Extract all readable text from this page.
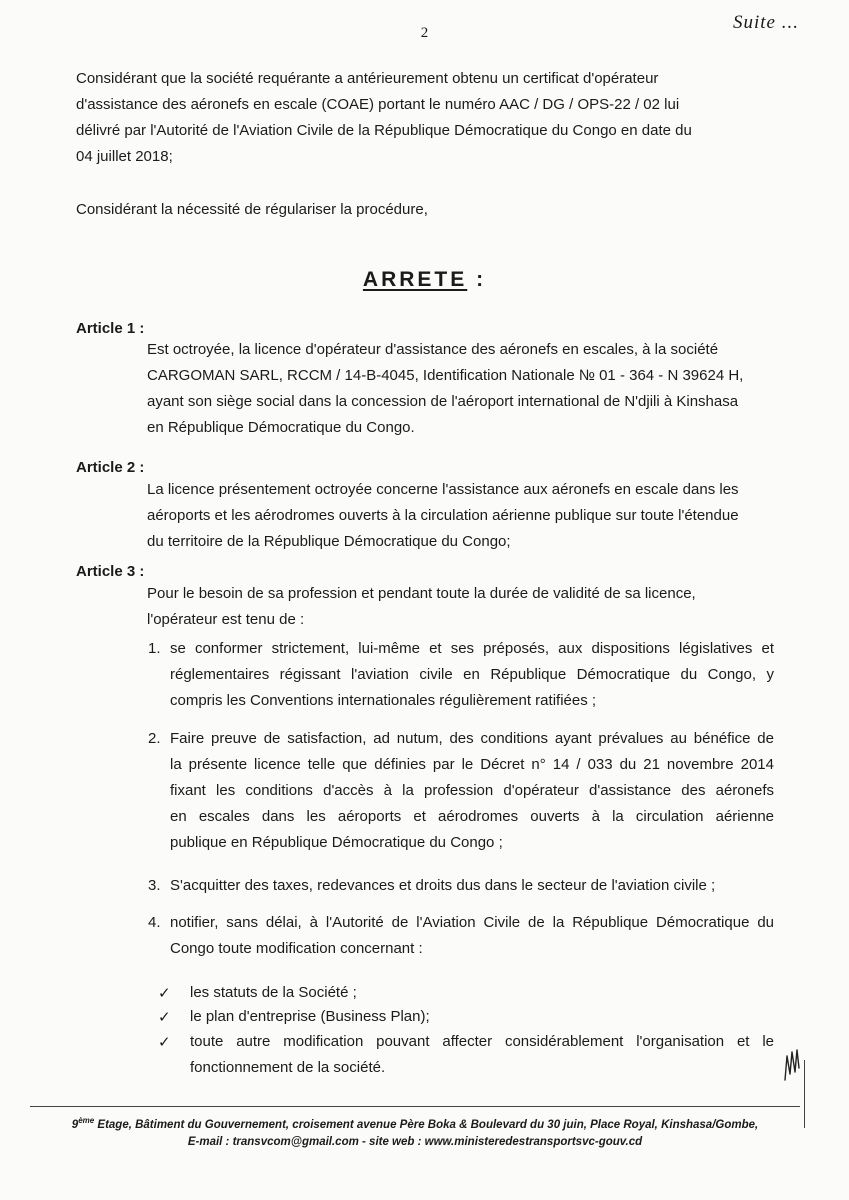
Suite ...
2
Considérant que la société requérante a antérieurement obtenu un certificat d'opérateur
d'assistance des aéronefs en escale (COAE) portant le numéro AAC / DG / OPS-22 / 02 lui
délivré par l'Autorité de l'Aviation Civile de la République Démocratique du Congo en date du
04 juillet 2018;
Considérant la nécessité de régulariser la procédure,
ARRETE :
Article 1 :
Est octroyée, la licence d'opérateur d'assistance des aéronefs en escales, à la société
CARGOMAN SARL, RCCM / 14-B-4045, Identification Nationale № 01 - 364 - N 39624 H,
ayant son siège social dans la concession de l'aéroport international de N'djili à Kinshasa
en République Démocratique du Congo.
Article 2 :
La licence présentement octroyée concerne l'assistance aux aéronefs en escale dans les
aéroports et les aérodromes ouverts à la circulation aérienne publique sur toute l'étendue
du territoire de la République Démocratique du Congo;
Article 3 :
Pour le besoin de sa profession et pendant toute la durée de validité de sa licence,
l'opérateur est tenu de :
1. se conformer strictement, lui-même et ses préposés, aux dispositions législatives et
réglementaires régissant l'aviation civile en République Démocratique du Congo, y
compris les Conventions internationales régulièrement ratifiées ;
2. Faire preuve de satisfaction, ad nutum, des conditions ayant prévalues au bénéfice de
la présente licence telle que définies par le Décret n° 14 / 033 du 21 novembre 2014
fixant les conditions d'accès à la profession d'opérateur d'assistance des aéronefs
en escales dans les aéroports et aérodromes ouverts à la circulation aérienne
publique en République Démocratique du Congo ;
3. S'acquitter des taxes, redevances et droits dus dans le secteur de l'aviation civile ;
4. notifier, sans délai, à l'Autorité de l'Aviation Civile de la République Démocratique du
Congo toute modification concernant :
✓ les statuts de la Société ;
✓ le plan d'entreprise (Business Plan);
✓ toute autre modification pouvant affecter considérablement l'organisation et le
fonctionnement de la société.
9ème Etage, Bâtiment du Gouvernement, croisement avenue Père Boka & Boulevard du 30 juin, Place Royal, Kinshasa/Gombe,
E-mail : transvcom@gmail.com - site web : www.ministeredestransportsvc-gouv.cd
